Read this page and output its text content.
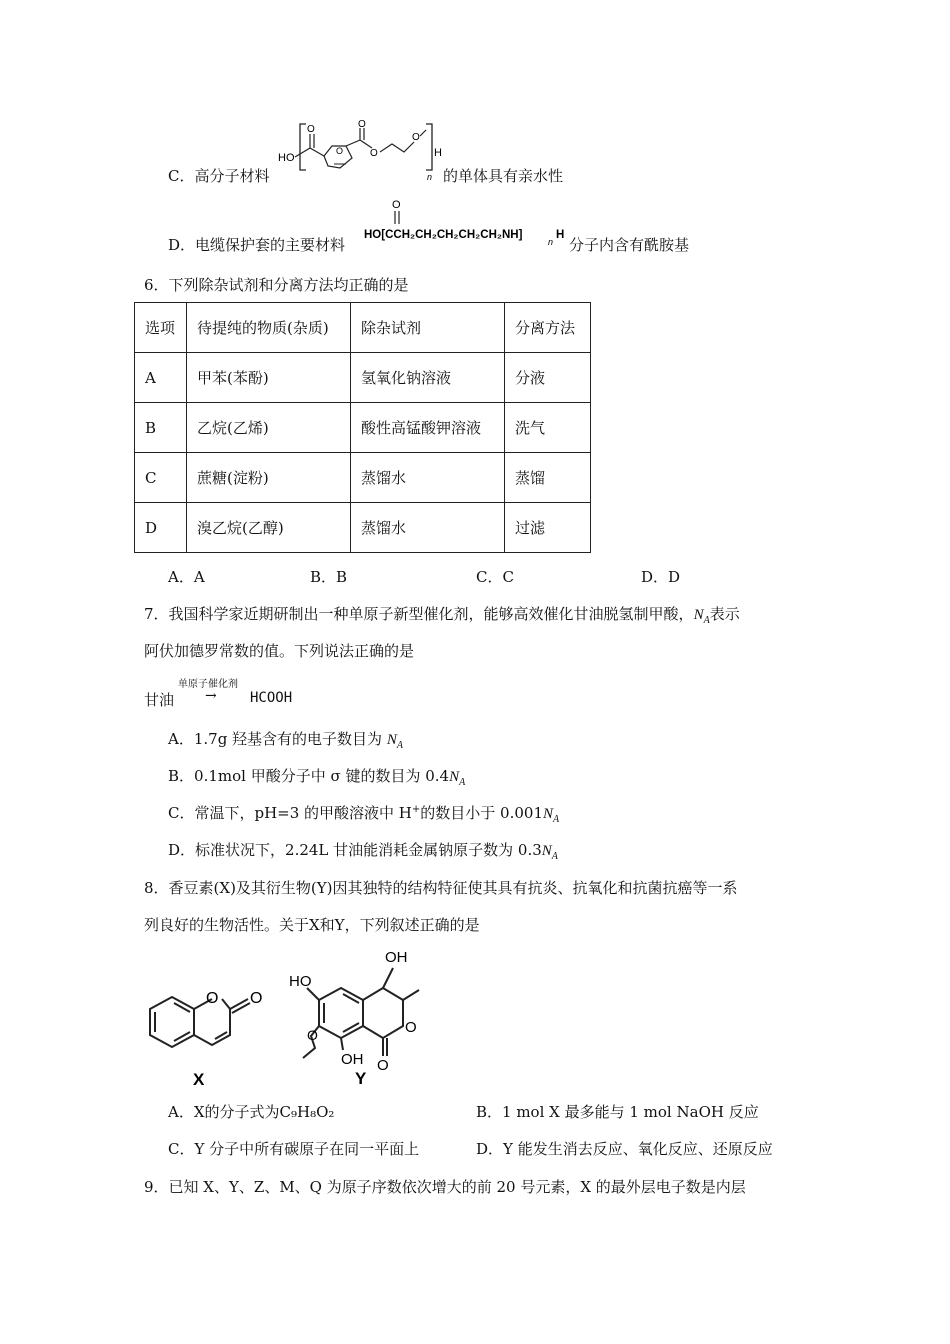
C．高分子材料
HO
O
O
O
O
O
H
n 的单体具有亲水性
D．电缆保护套的主要材料
O
HO[CCH₂CH₂CH₂CH₂CH₂NH]
n
H
分子内含有酰胺基
6．下列除杂试剂和分离方法均正确的是
选项	待提纯的物质(杂质)	除杂试剂	分离方法
A	甲苯(苯酚)	氢氧化钠溶液	分液
B	乙烷(乙烯)	酸性高锰酸钾溶液	洗气
C	蔗糖(淀粉)	蒸馏水	蒸馏
D	溴乙烷(乙醇)	蒸馏水	过滤
A．A	B．B	C．C	D．D
7．我国科学家近期研制出一种单原子新型催化剂，能够高效催化甘油脱氢制甲酸，$N_A$表示
阿伏加德罗常数的值。下列说法正确的是
甘油
单原子催化剂
→ HCOOH
A．1.7g 羟基含有的电子数目为 $N_A$
B．0.1mol 甲酸分子中 σ 键的数目为 $0.4N_A$
C．常温下，pH=3 的甲酸溶液中 H+的数目小于 $0.001N_A$
D．标准状况下，2.24L 甘油能消耗金属钠原子数为 $0.3N_A$
8．香豆素(X)及其衍生物(Y)因其独特的结构特征使其具有抗炎、抗氧化和抗菌抗癌等一系
列良好的生物活性。关于X和Y，下列叙述正确的是
O O
X
OH
O
O
HO
O
OH
Y
A．X的分子式为C₉H₈O₂	B．1 mol X 最多能与 1 mol NaOH 反应
C．Y 分子中所有碳原子在同一平面上	D．Y 能发生消去反应、氧化反应、还原反应
9．已知 X、Y、Z、M、Q 为原子序数依次增大的前 20 号元素，X 的最外层电子数是内层
